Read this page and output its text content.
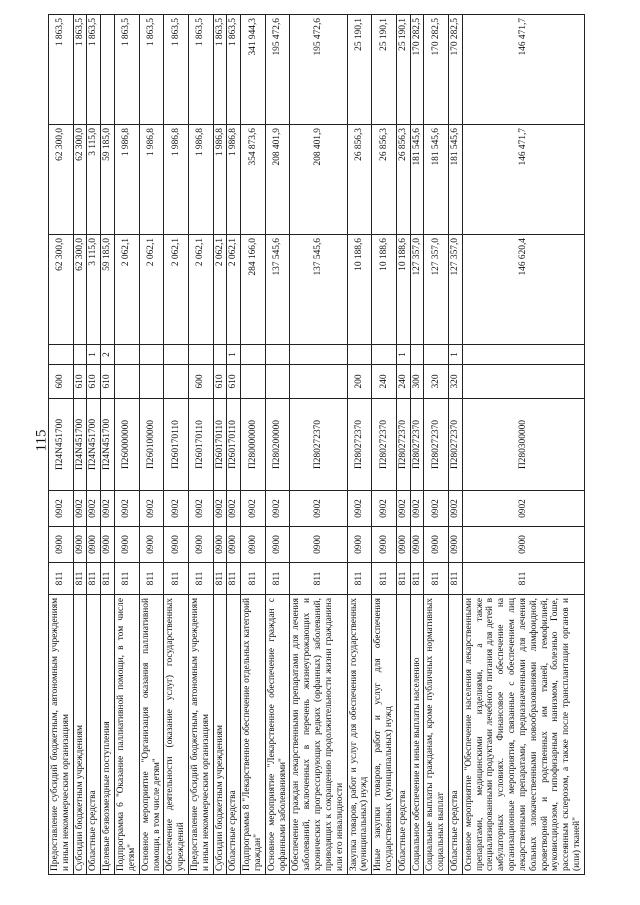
115
Предоставление субсидий бюджетным, автономным учреждениям и иным некоммерческим организациям	811	0900	0902	П24N451700	600		62 300,0	62 300,0	1 863,5
Субсидии бюджетным учреждениям	811	0900	0902	П24N451700	610		62 300,0	62 300,0	1 863,5
Областные средства	811	0900	0902	П24N451700	610	1	3 115,0	3 115,0	1 863,5
Целевые безвозмездные поступления	811	0900	0902	П24N451700	610	2	59 185,0	59 185,0	
Подпрограмма 6 "Оказание паллиативной помощи, в том числе детям"	811	0900	0902	П260000000			2 062,1	1 986,8	1 863,5
Основное мероприятие "Организация оказания паллиативной помощи, в том числе детям"	811	0900	0902	П260100000			2 062,1	1 986,8	1 863,5
Обеспечение деятельности (оказание услуг) государственных учреждений	811	0900	0902	П260170110			2 062,1	1 986,8	1 863,5
Предоставление субсидий бюджетным, автономным учреждениям и иным некоммерческим организациям	811	0900	0902	П260170110	600		2 062,1	1 986,8	1 863,5
Субсидии бюджетным учреждениям	811	0900	0902	П260170110	610		2 062,1	1 986,8	1 863,5
Областные средства	811	0900	0902	П260170110	610	1	2 062,1	1 986,8	1 863,5
Подпрограмма 8 "Лекарственное обеспечение отдельных категорий граждан"	811	0900	0902	П280000000			284 166,0	354 873,6	341 944,3
Основное мероприятие "Лекарственное обеспечение граждан с орфанными заболеваниями"	811	0900	0902	П280200000			137 545,6	208 401,9	195 472,6
Обеспечение граждан лекарственными препаратами для лечения заболеваний, включенных в перечень жизнеугрожающих и хронических прогрессирующих редких (орфанных) заболеваний, приводящих к сокращению продолжительности жизни гражданина или его инвалидности	811	0900	0902	П280272370			137 545,6	208 401,9	195 472,6
Закупка товаров, работ и услуг для обеспечения государственных (муниципальных) нужд	811	0900	0902	П280272370	200		10 188,6	26 856,3	25 190,1
Иные закупки товаров, работ и услуг для обеспечения государственных (муниципальных) нужд	811	0900	0902	П280272370	240		10 188,6	26 856,3	25 190,1
Областные средства	811	0900	0902	П280272370	240	1	10 188,6	26 856,3	25 190,1
Социальное обеспечение и иные выплаты населению	811	0900	0902	П280272370	300		127 357,0	181 545,6	170 282,5
Социальные выплаты гражданам, кроме публичных нормативных социальных выплат	811	0900	0902	П280272370	320		127 357,0	181 545,6	170 282,5
Областные средства	811	0900	0902	П280272370	320	1	127 357,0	181 545,6	170 282,5
Основное мероприятие "Обеспечение населения лекарственными препаратами, медицинскими изделиями, а также специализированными продуктами лечебного питания для детей в амбулаторных условиях. Финансовое обеспечение на организационные мероприятия, связанные с обеспечением лиц лекарственными препаратами, предназначенными для лечения больных злокачественными новообразованиями лимфоидной, кроветворной и родственных им тканей, гемофилией, муковисцидозом, гипофизарным нанизмом, болезнью Гоше, рассеянным склерозом, а также после трансплантации органов и (или) тканей"	811	0900	0902	П280300000			146 620,4	146 471,7	146 471,7
